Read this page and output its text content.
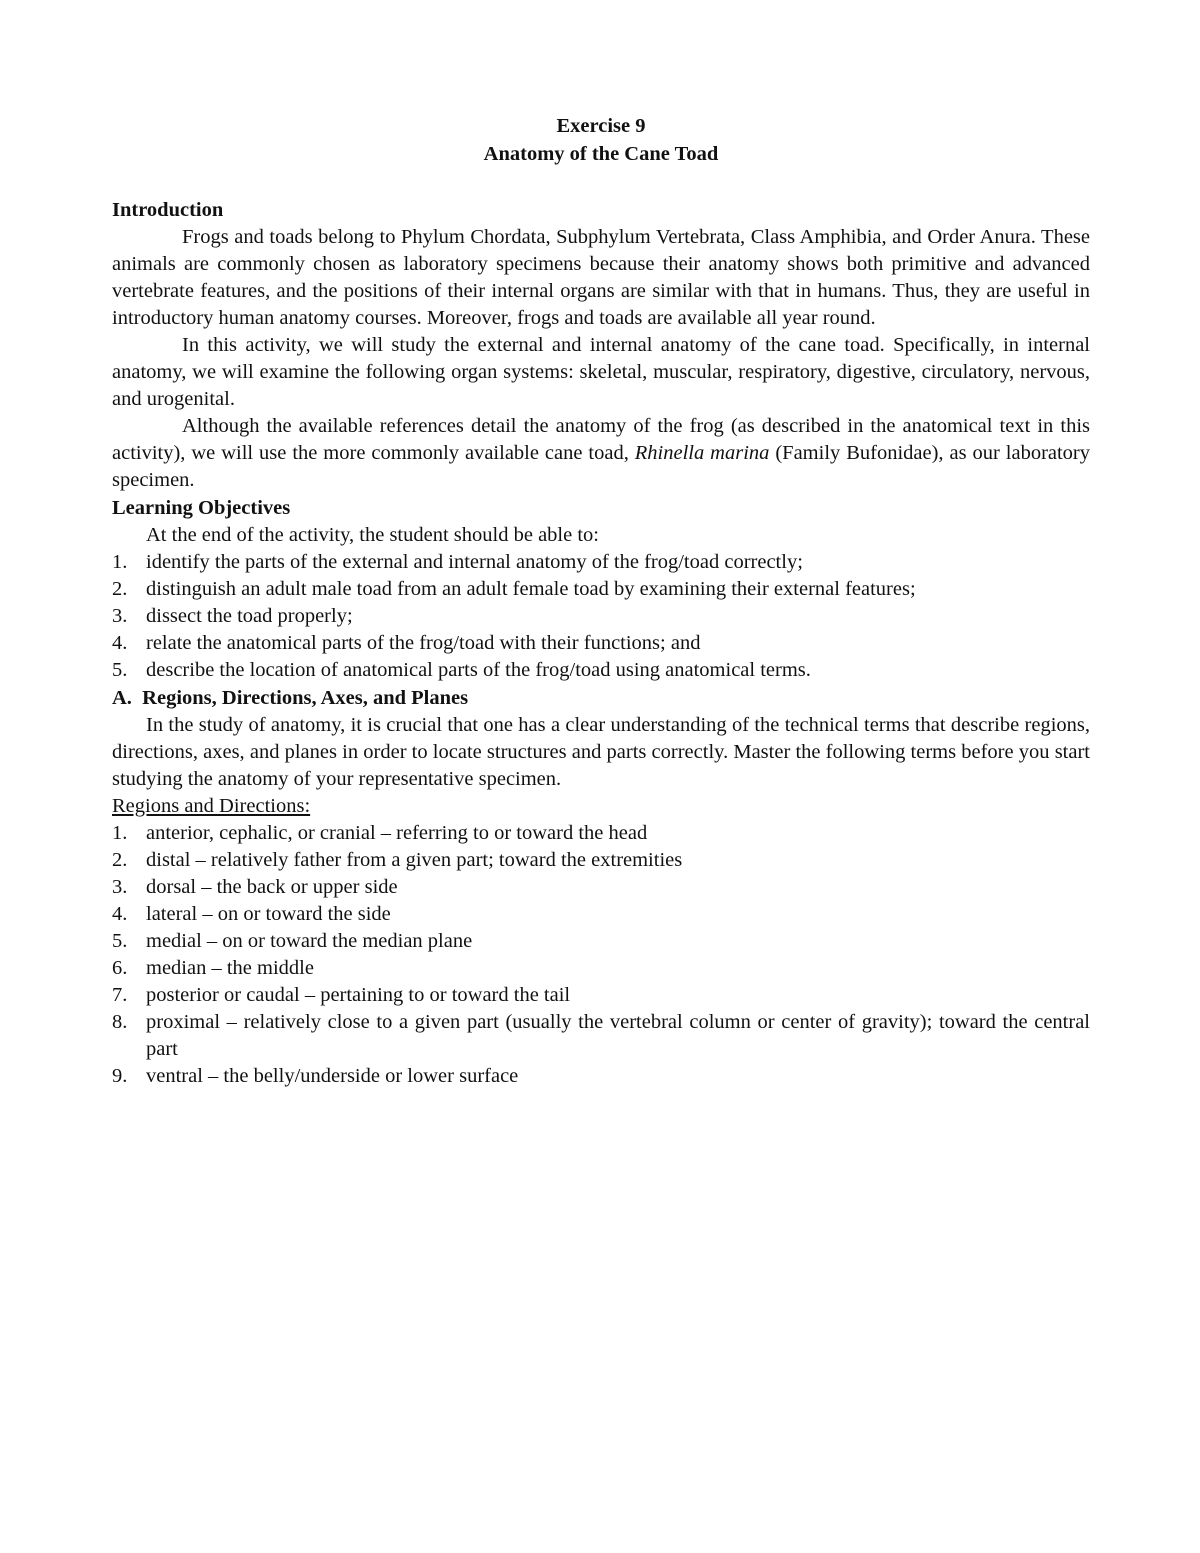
Exercise 9

Anatomy of the Cane Toad

Introduction

Frogs and toads belong to Phylum Chordata, Subphylum Vertebrata, Class Amphibia, and Order Anura. These animals are commonly chosen as laboratory specimens because their anatomy shows both primitive and advanced vertebrate features, and the positions of their internal organs are similar with that in humans. Thus, they are useful in introductory human anatomy courses. Moreover, frogs and toads are available all year round.

In this activity, we will study the external and internal anatomy of the cane toad. Specifically, in internal anatomy, we will examine the following organ systems: skeletal, muscular, respiratory, digestive, circulatory, nervous, and urogenital.

Although the available references detail the anatomy of the frog (as described in the anatomical text in this activity), we will use the more commonly available cane toad, Rhinella marina (Family Bufonidae), as our laboratory specimen.

Learning Objectives

At the end of the activity, the student should be able to:

1. identify the parts of the external and internal anatomy of the frog/toad correctly;
2. distinguish an adult male toad from an adult female toad by examining their external features;
3. dissect the toad properly;
4. relate the anatomical parts of the frog/toad with their functions; and
5. describe the location of anatomical parts of the frog/toad using anatomical terms.
A.  Regions, Directions, Axes, and Planes

In the study of anatomy, it is crucial that one has a clear understanding of the technical terms that describe regions, directions, axes, and planes in order to locate structures and parts correctly. Master the following terms before you start studying the anatomy of your representative specimen.

Regions and Directions:

1. anterior, cephalic, or cranial – referring to or toward the head
2. distal – relatively father from a given part; toward the extremities
3. dorsal – the back or upper side
4. lateral – on or toward the side
5. medial – on or toward the median plane
6. median – the middle
7. posterior or caudal – pertaining to or toward the tail
8. proximal – relatively close to a given part (usually the vertebral column or center of gravity); toward the central part
9. ventral – the belly/underside or lower surface
